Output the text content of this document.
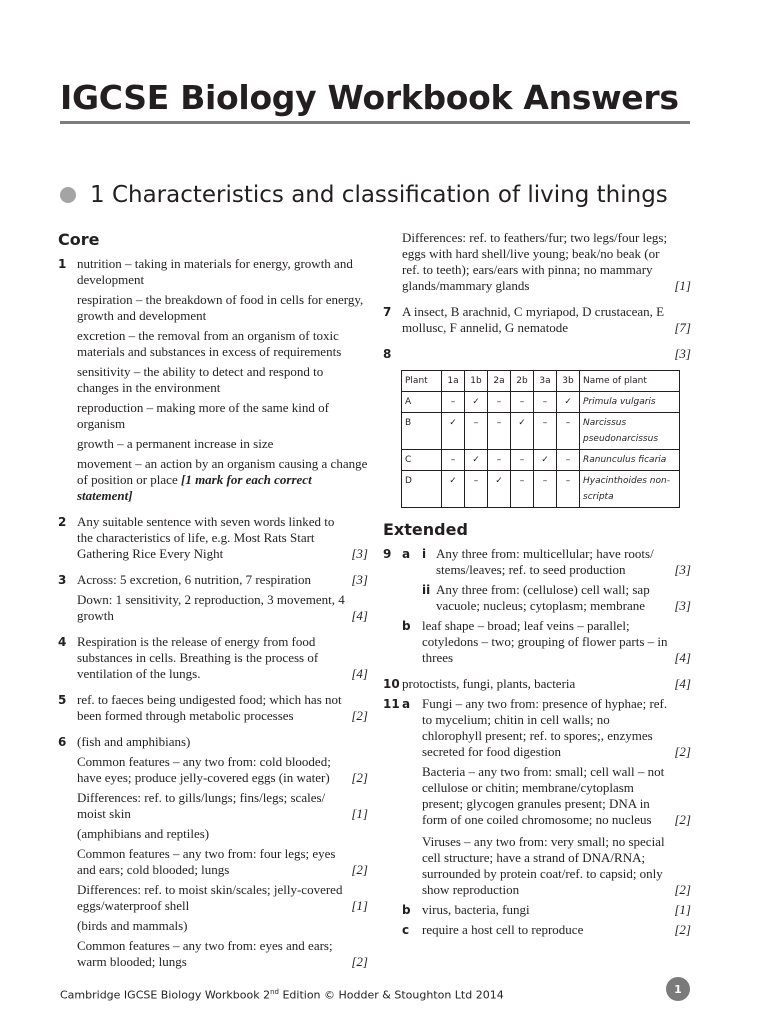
IGCSE Biology Workbook Answers
1 Characteristics and classification of living things
Core
1 nutrition – taking in materials for energy, growth and development
respiration – the breakdown of food in cells for energy, growth and development
excretion – the removal from an organism of toxic materials and substances in excess of requirements
sensitivity – the ability to detect and respond to changes in the environment
reproduction – making more of the same kind of organism
growth – a permanent increase in size
movement – an action by an organism causing a change of position or place [1 mark for each correct statement]
2 Any suitable sentence with seven words linked to the characteristics of life, e.g. Most Rats Start Gathering Rice Every Night	[3]
3 Across: 5 excretion, 6 nutrition, 7 respiration	[3]
Down: 1 sensitivity, 2 reproduction, 3 movement, 4 growth	[4]
4 Respiration is the release of energy from food substances in cells. Breathing is the process of ventilation of the lungs.	[4]
5 ref. to faeces being undigested food; which has not been formed through metabolic processes	[2]
6 (fish and amphibians)
Common features – any two from: cold blooded; have eyes; produce jelly-covered eggs (in water)	[2]
Differences: ref. to gills/lungs; fins/legs; scales/ moist skin	[1]
(amphibians and reptiles)
Common features – any two from: four legs; eyes and ears; cold blooded; lungs	[2]
Differences: ref. to moist skin/scales; jelly-covered eggs/waterproof shell	[1]
(birds and mammals)
Common features – any two from: eyes and ears; warm blooded; lungs	[2]
Differences: ref. to feathers/fur; two legs/four legs; eggs with hard shell/live young; beak/no beak (or ref. to teeth); ears/ears with pinna; no mammary glands/mammary glands	[1]
7 A insect, B arachnid, C myriapod, D crustacean, E mollusc, F annelid, G nematode	[7]
8	[3]
Plant	1a	1b	2a	2b	3a	3b	Name of plant
A	–	✓	–	–	–	✓	Primula vulgaris
B	✓	–	–	✓	–	–	Narcissus pseudonarcissus
C	–	✓	–	–	✓	–	Ranunculus ficaria
D	✓	–	✓	–	–	–	Hyacinthoides non-scripta
Extended
9 a i Any three from: multicellular; have roots/ stems/leaves; ref. to seed production	[3]
ii Any three from: (cellulose) cell wall; sap vacuole; nucleus; cytoplasm; membrane	[3]
b leaf shape – broad; leaf veins – parallel; cotyledons – two; grouping of flower parts – in threes	[4]
10 protoctists, fungi, plants, bacteria	[4]
11 a Fungi – any two from: presence of hyphae; ref. to mycelium; chitin in cell walls; no chlorophyll present; ref. to spores;, enzymes secreted for food digestion	[2]
Bacteria – any two from: small; cell wall – not cellulose or chitin; membrane/cytoplasm present; glycogen granules present; DNA in form of one coiled chromosome; no nucleus	[2]
Viruses – any two from: very small; no special cell structure; have a strand of DNA/RNA; surrounded by protein coat/ref. to capsid; only show reproduction	[2]
b virus, bacteria, fungi	[1]
c require a host cell to reproduce	[2]
Cambridge IGCSE Biology Workbook 2nd Edition © Hodder & Stoughton Ltd 2014	1
